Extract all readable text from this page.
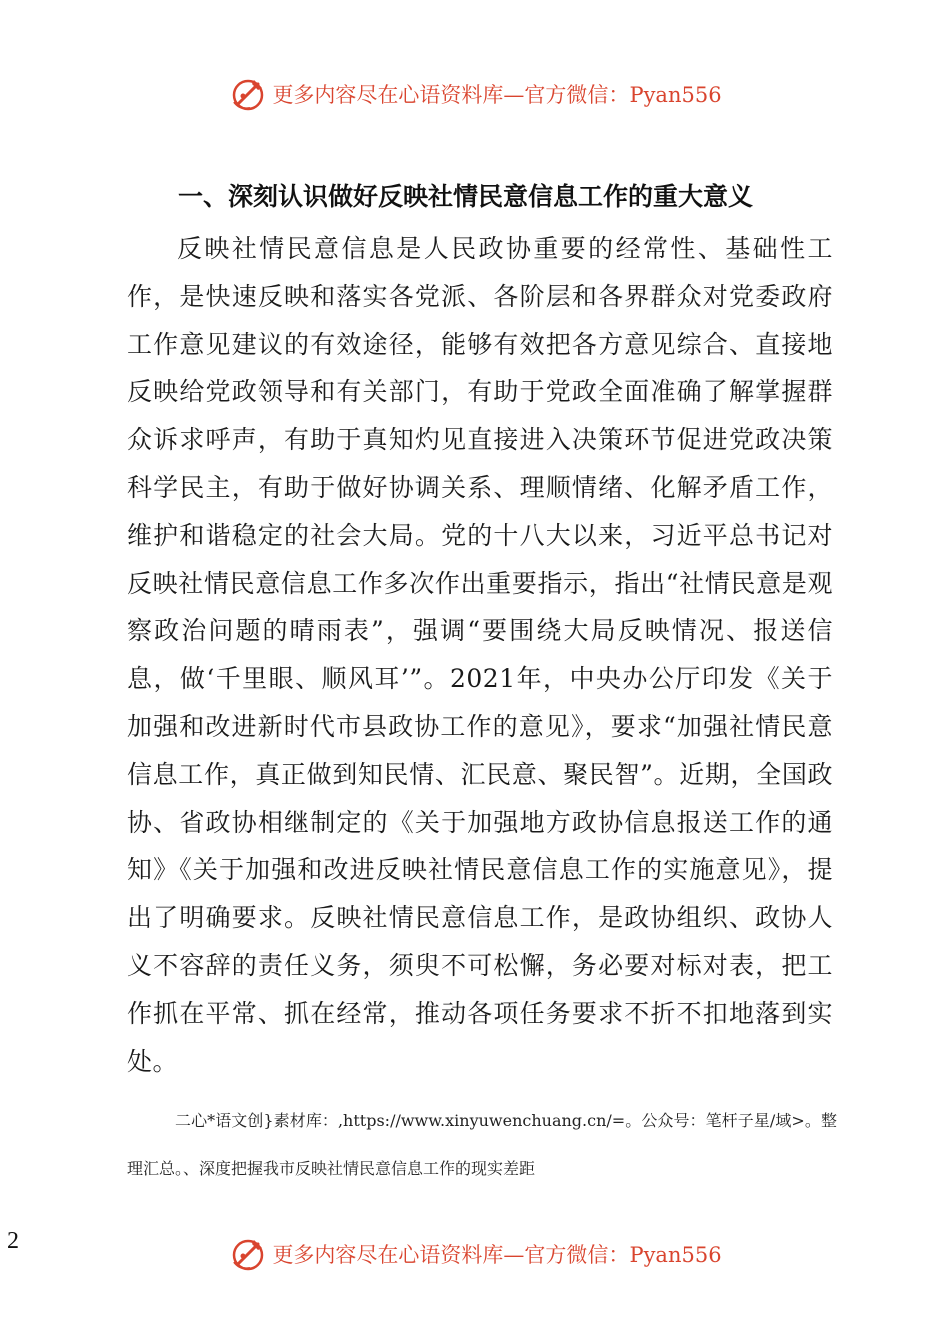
更多内容尽在心语资料库—官方微信：Pyan556
一、深刻认识做好反映社情民意信息工作的重大意义
反映社情民意信息是人民政协重要的经常性、基础性工作，是快速反映和落实各党派、各阶层和各界群众对党委政府工作意见建议的有效途径，能够有效把各方意见综合、直接地反映给党政领导和有关部门，有助于党政全面准确了解掌握群众诉求呼声，有助于真知灼见直接进入决策环节促进党政决策科学民主，有助于做好协调关系、理顺情绪、化解矛盾工作，维护和谐稳定的社会大局。党的十八大以来，习近平总书记对反映社情民意信息工作多次作出重要指示，指出“社情民意是观察政治问题的晴雨表”，强调“要围绕大局反映情况、报送信息，做‘千里眼、顺风耳’”。2021年，中央办公厅印发《关于加强和改进新时代市县政协工作的意见》，要求“加强社情民意信息工作，真正做到知民情、汇民意、聚民智”。近期，全国政协、省政协相继制定的《关于加强地方政协信息报送工作的通知》《关于加强和改进反映社情民意信息工作的实施意见》，提出了明确要求。反映社情民意信息工作，是政协组织、政协人义不容辞的责任义务，须臾不可松懈，务必要对标对表，把工作抓在平常、抓在经常，推动各项任务要求不折不扣地落到实处。
二心*语文创}素材库：,https://www.xinyuwenchuang.cn/=。公众号：笔杆子星/域>。整理汇总。、深度把握我市反映社情民意信息工作的现实差距
2
更多内容尽在心语资料库—官方微信：Pyan556
